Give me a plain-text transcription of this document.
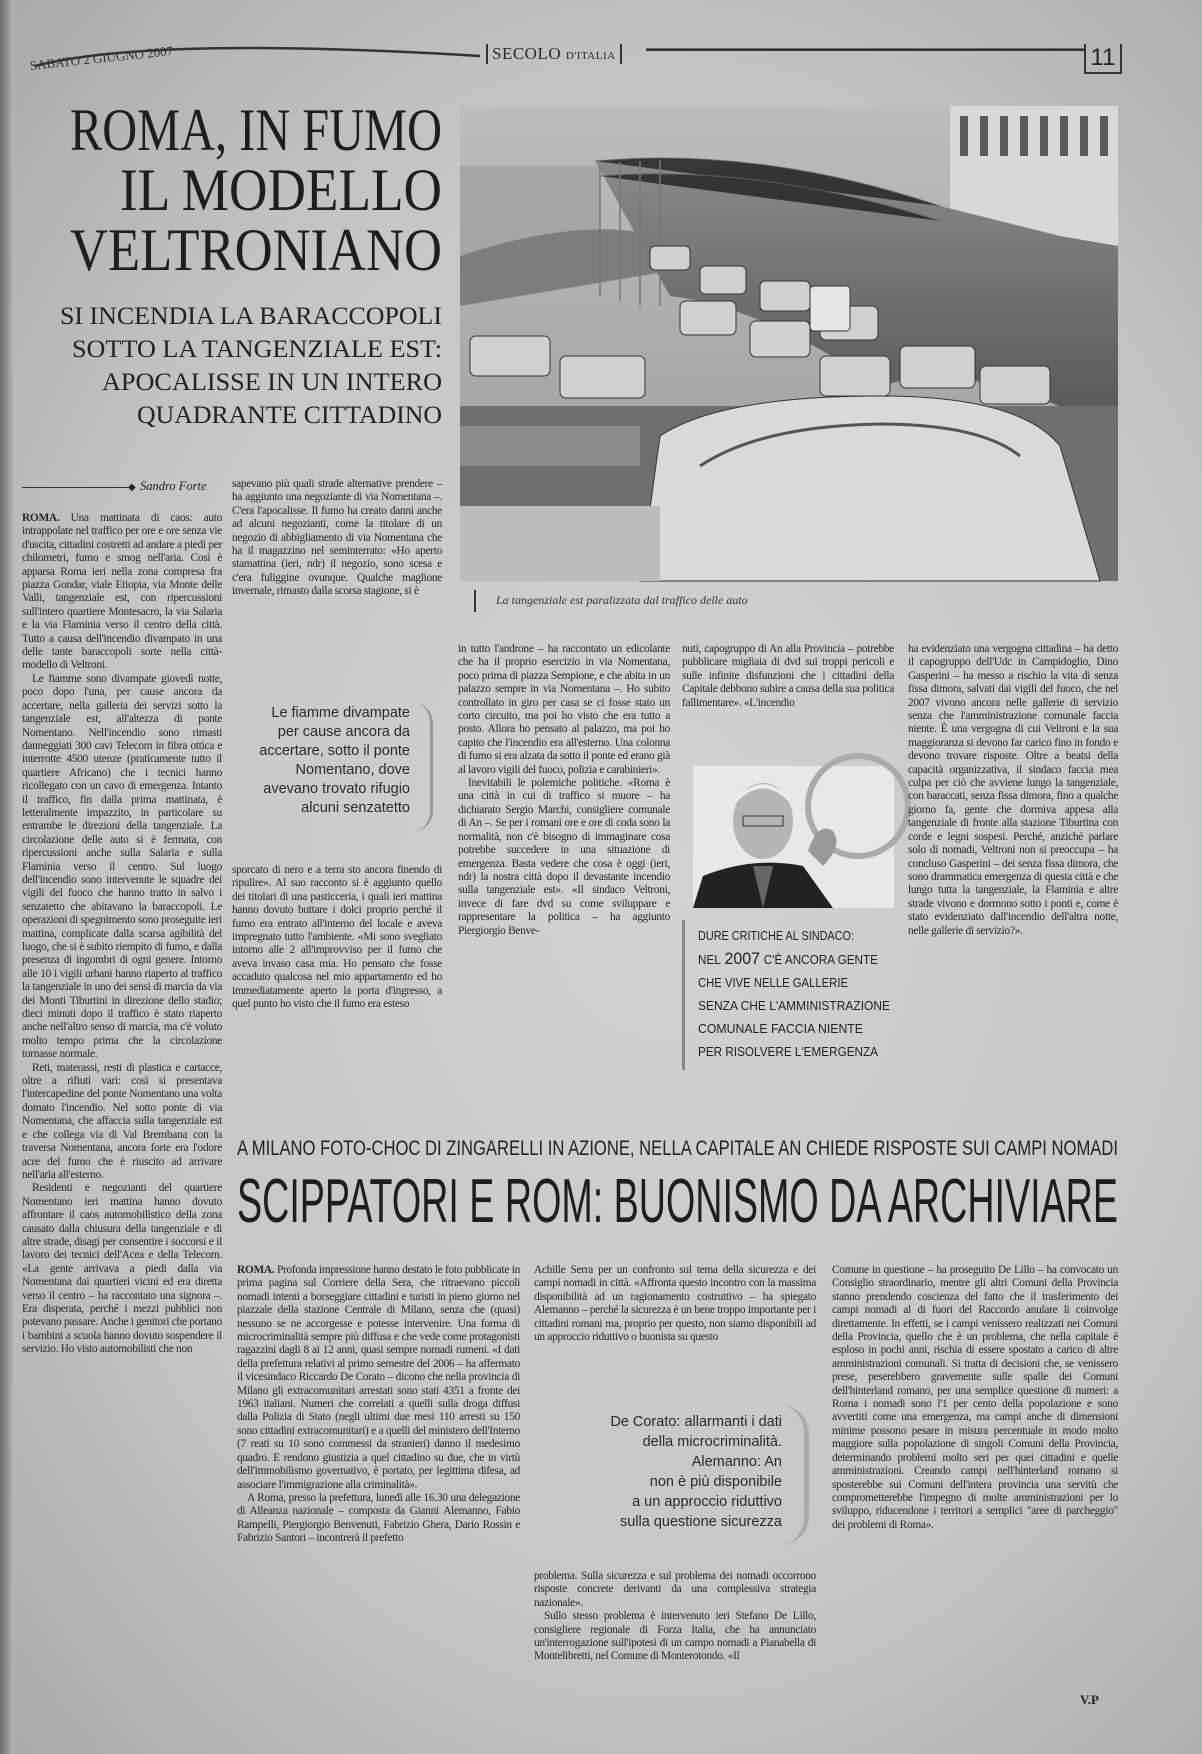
SABATO 2 GIUGNO 2007	SECOLO D'ITALIA	11
ROMA, IN FUMO
IL MODELLO
VELTRONIANO
SI INCENDIA LA BARACCOPOLI
SOTTO LA TANGENZIALE EST:
APOCALISSE IN UN INTERO
QUADRANTE CITTADINO
La tangenziale est paralizzata dal traffico delle auto
◆ Sandro Forte

ROMA. Una mattinata di caos: auto intrappolate nel traffico per ore e ore senza vie d'uscita, cittadini costretti ad andare a piedi per chilometri, fumo e smog nell'aria. Così è apparsa Roma ieri nella zona compresa fra piazza Gondar, viale Etiopia, via Monte delle Valli, tangenziale est, con ripercussioni sull'intero quartiere Montesacro, la via Salaria e la via Flaminia verso il centro della città. Tutto a causa dell'incendio divampato in una delle tante baraccopoli sorte nella città-modello di Veltroni.

Le fiamme sono divampate giovedì notte, poco dopo l'una, per cause ancora da accertare, nella galleria dei servizi sotto la tangenziale est, all'altezza di ponte Nomentano. Nell'incendio sono rimasti danneggiati 300 cavi Telecom in fibra ottica e interrotte 4500 utenze (praticamente tutto il quartiere Africano) che i tecnici hanno ricollegato con un cavo di emergenza. Intanto il traffico, fin dalla prima mattinata, è letteralmente impazzito, in particolare su entrambe le direzioni della tangenziale. La circolazione delle auto si è fermata, con ripercussioni anche sulla Salaria e sulla Flaminia verso il centro. Sul luogo dell'incendio sono intervenute le squadre dei vigili del fuoco che hanno tratto in salvo i senzatetto che abitavano la baraccopoli. Le operazioni di spegnimento sono proseguite ieri mattina, complicate dalla scarsa agibilità del luogo, che si è subito riempito di fumo, e dalla presenza di ingombri di ogni genere. Intorno alle 10 i vigili urbani hanno riaperto al traffico la tangenziale in uno dei sensi di marcia da via dei Monti Tiburtini in direzione dello stadio; dieci minuti dopo il traffico è stato riaperto anche nell'altro senso di marcia, ma c'è voluto molto tempo prima che la circolazione tornasse normale.

Reti, materassi, resti di plastica e cartacce, oltre a rifiuti vari: così si presentava l'intercapedine del ponte Nomentano una volta domato l'incendio. Nel sotto ponte di via Nomentana, che affaccia sulla tangenziale est e che collega via di Val Brembana con la traversa Nomentana, ancora forte era l'odore acre del fumo che è riuscito ad arrivare nell'aria all'esterno.

Residenti e negozianti del quartiere Nomentano ieri mattina hanno dovuto affrontare il caos automobilistico della zona causato dalla chiusura della tangenziale e di altre strade, disagi per consentire i soccorsi e il lavoro dei tecnici dell'Acea e della Telecom. «La gente arrivava a piedi dalla via Nomentana dai quartieri vicini ed era diretta verso il centro – ha raccontato una signora –. Era disperata, perché i mezzi pubblici non potevano passare. Anche i genitori che portano i bambini a scuola hanno dovuto sospendere il servizio. Ho visto automobilisti che non

sapevano più quali strade alternative prendere – ha aggiunto una negoziante di via Nomentana –. C'era l'apocalisse. Il fumo ha creato danni anche ad alcuni negozianti, come la titolare di un negozio di abbigliamento di via Nomentana che ha il magazzino nel seminterrato: «Ho aperto stamattina (ieri, ndr) il negozio, sono scesa e c'era fuliggine ovunque. Qualche maglione invernale, rimasto dalla scorsa stagione, si è

Le fiamme divampate
per cause ancora da
accertare, sotto il ponte
Nomentano, dove
avevano trovato rifugio
alcuni senzatetto

sporcato di nero e a terra sto ancora finendo di ripulire». Al suo racconto si è aggiunto quello dei titolari di una pasticceria, i quali ieri mattina hanno dovuto buttare i dolci proprio perché il fumo era entrato all'interno del locale e aveva impregnato tutto l'ambiente. «Mi sono svegliato intorno alle 2 all'improvviso per il fumo che aveva invaso casa mia. Ho pensato che fosse accaduto qualcosa nel mio appartamento ed ho immediatamente aperto la porta d'ingresso, a quel punto ho visto che il fumo era esteso

in tutto l'androne – ha raccontato un edicolante che ha il proprio esercizio in via Nomentana, poco prima di piazza Sempione, e che abita in un palazzo sempre in via Nomentana –. Ho subito controllato in giro per casa se ci fosse stato un corto circuito, ma poi ho visto che era tutto a posto. Allora ho pensato al palazzo, ma poi ho capito che l'incendio era all'esterno. Una colonna di fumo si era alzata da sotto il ponte ed erano già al lavoro vigili del fuoco, polizia e carabinieri».

Inevitabili le polemiche politiche. «Roma è una città in cui di traffico si muore – ha dichiarato Sergio Marchi, consigliere comunale di An –. Se per i romani ore e ore di coda sono la normalità, non c'è bisogno di immaginare cosa potrebbe succedere in una situazione di emergenza. Basta vedere che cosa è oggi (ieri, ndr) la nostra città dopo il devastante incendio sulla tangenziale est». «Il sindaco Veltroni, invece di fare dvd su come sviluppare e rappresentare la politica – ha aggiunto Piergiorgio Benve-

nuti, capogruppo di An alla Provincia – potrebbe pubblicare migliaia di dvd sui troppi pericoli e sulle infinite disfunzioni che i cittadini della Capitale debbono subire a causa della sua politica fallimentare». «L'incendio

DURE CRITICHE AL SINDACO:
NEL 2007C'È ANCORA GENTE
CHE VIVE NELLE GALLERIE
SENZA CHE L'AMMINISTRAZIONE
COMUNALE FACCIA NIENTE
PER RISOLVERE L'EMERGENZA

ha evidenziato una vergogna cittadina – ha detto il capogruppo dell'Udc in Campidoglio, Dino Gasperini – ha messo a rischio la vita di senza fissa dimora, salvati dai vigili del fuoco, che nel 2007 vivono ancora nelle gallerie di servizio senza che l'amministrazione comunale faccia niente. È una vergogna di cui Veltroni e la sua maggioranza si devono far carico fino in fondo e devono trovare risposte. Oltre a beatsi della capacità organizzativa, il sindaco faccia mea culpa per ciò che avviene lungo la tangenziale, con baraccati, senza fissa dimora, fino a qualche giorno fa, gente che dormiva appesa alla tangenziale di fronte alla stazione Tiburtina con corde e legni sospesi. Perché, anziché parlare solo di nomadi, Veltroni non si preoccupa – ha concluso Gasperini – dei senza fissa dimora, che sono drammatica emergenza di questa città e che lungo tutta la tangenziale, la Flaminia e altre strade vivono e dormono sotto i ponti e, come è stato evidenziato dall'incendio dell'altra notte, nelle gallerie di servizio?».

A MILANO FOTO-CHOC DI ZINGARELLI IN AZIONE, NELLA CAPITALE AN CHIEDE RISPOSTE SUI CAMPI NOMADI
SCIPPATORI E ROM: BUONISMO DA ARCHIVIARE

ROMA. Profonda impressione hanno destato le foto pubblicate in prima pagina sul Corriere della Sera, che ritraevano piccoli nomadi intenti a borseggiare cittadini e turisti in pieno giorno nel piazzale della stazione Centrale di Milano, senza che (quasi) nessuno se ne accorgesse e potesse intervenire. Una forma di microcriminalità sempre più diffusa e che vede come protagonisti ragazzini dagli 8 ai 12 anni, quasi sempre nomadi rumeni. «I dati della prefettura relativi al primo semestre del 2006 – ha affermato il vicesindaco Riccardo De Corato – dicono che nella provincia di Milano gli extracomunitari arrestati sono stati 4351 a fronte dei 1963 italiani. Numeri che correlati a quelli sulla droga diffusi dalla Polizia di Stato (negli ultimi due mesi 110 arresti su 150 sono cittadini extracomunitari) e a quelli del ministero dell'Interno (7 reati su 10 sono commessi da stranieri) danno il medesimo quadro. E rendono giustizia a quel cittadino su due, che in virtù dell'immobilismo governativo, è portato, per legittima difesa, ad associare l'immigrazione alla criminalità».

A Roma, presso la prefettura, lunedì alle 16.30 una delegazione di Alleanza nazionale – composta da Gianni Alemanno, Fabio Rampelli, Piergiorgio Benvenuti, Fabrizio Ghera, Dario Rossin e Fabrizio Santori – incontrerà il prefetto

Achille Serra per un confronto sul tema della sicurezza e dei campi nomadi in città. «Affronta questo incontro con la massima disponibilità ad un ragionamento costruttivo – ha spiegato Alemanno – perché la sicurezza è un bene troppo importante per i cittadini romani ma, proprio per questo, non siamo disponibili ad un approccio riduttivo o buonista su questo

De Corato: allarmanti i dati
della microcriminalità.
Alemanno: An
non è più disponibile
a un approccio riduttivo
sulla questione sicurezza

problema. Sulla sicurezza e sul problema dei nomadi occorrono risposte concrete derivanti da una complessiva strategia nazionale».

Sullo stesso problema è intervenuto ieri Stefano De Lillo, consigliere regionale di Forza Italia, che ha annunciato un'interrogazione sull'ipotesi di un campo nomadi a Pianabella di Montelibretti, nel Comune di Monterotondo. «Il

Comune in questione – ha proseguito De Lillo – ha convocato un Consiglio straordinario, mentre gli altri Comuni della Provincia stanno prendendo coscienza del fatto che il trasferimento dei campi nomadi al di fuori del Raccordo anulare li coinvolge direttamente. In effetti, se i campi venissero realizzati nei Comuni della Provincia, quello che è un problema, che nella capitale è esploso in pochi anni, rischia di essere spostato a carico di altre amministrazioni comunali. Si tratta di decisioni che, se venissero prese, peserebbero gravemente sulle spalle dei Comuni dell'hinterland romano, per una semplice questione di numeri: a Roma i nomadi sono l'1 per cento della popolazione e sono avvertiti come una emergenza, ma campi anche di dimensioni minime possono pesare in misura percentuale in modo molto maggiore sulla popolazione di singoli Comuni della Provincia, determinando problemi molto seri per quei cittadini e quelle amministrazioni. Creando campi nell'hinterland romano si sposterebbe sui Comuni dell'intera provincia una servitù che comprometterebbe l'impegno di molte amministrazioni per lo sviluppo, riducendone i territori a semplici "aree di parcheggio" dei problemi di Roma».

V.P
